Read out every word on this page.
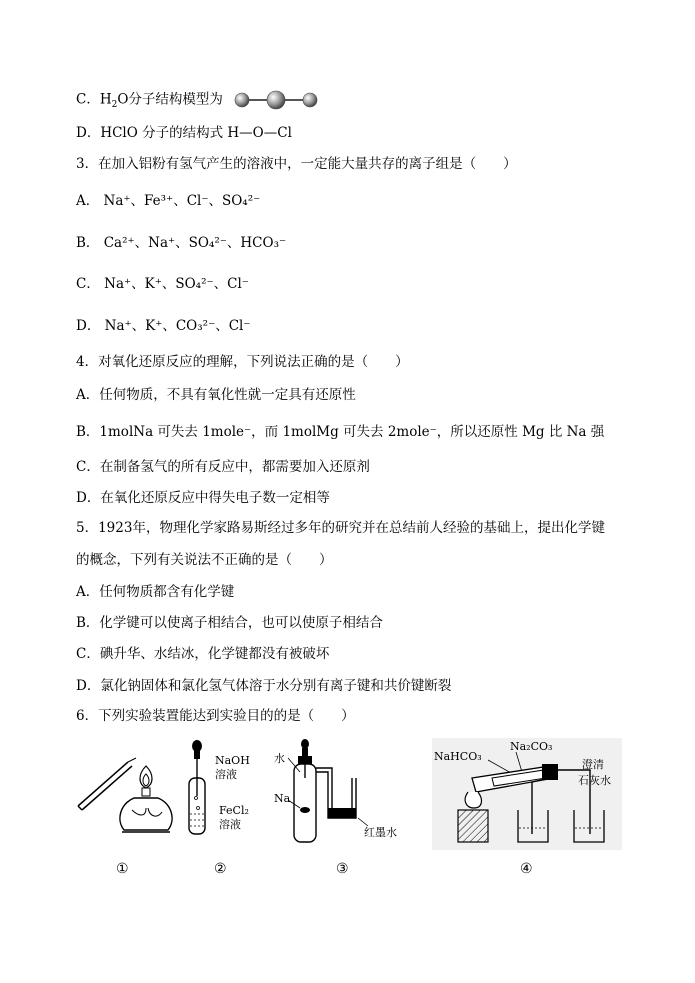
C．$H_2O$分子结构模型为
D．HClO 分子的结构式 H—O—Cl
3．在加入铝粉有氢气产生的溶液中，一定能大量共存的离子组是（　　）
A． Na⁺、Fe³⁺、Cl⁻、SO₄²⁻
B． Ca²⁺、Na⁺、SO₄²⁻、HCO₃⁻
C． Na⁺、K⁺、SO₄²⁻、Cl⁻
D． Na⁺、K⁺、CO₃²⁻、Cl⁻
4．对氧化还原反应的理解，下列说法正确的是（　　）
A．任何物质，不具有氧化性就一定具有还原性
B．1molNa 可失去 1mole⁻，而 1molMg 可失去 2mole⁻，所以还原性 Mg 比 Na 强
C．在制备氢气的所有反应中，都需要加入还原剂
D．在氧化还原反应中得失电子数一定相等
5．1923年，物理化学家路易斯经过多年的研究并在总结前人经验的基础上，提出化学键
的概念，下列有关说法不正确的是（　　）
A．任何物质都含有化学键
B．化学键可以使离子相结合，也可以使原子相结合
C．碘升华、水结冰，化学键都没有被破坏
D．氯化钠固体和氯化氢气体溶于水分别有离子键和共价键断裂
6．下列实验装置能达到实验目的的是（　　）
NaOH
溶液
FeCl₂
溶液
水
Na
红墨水
NaHCO₃
Na₂CO₃
澄清
石灰水
①	②	③	④
